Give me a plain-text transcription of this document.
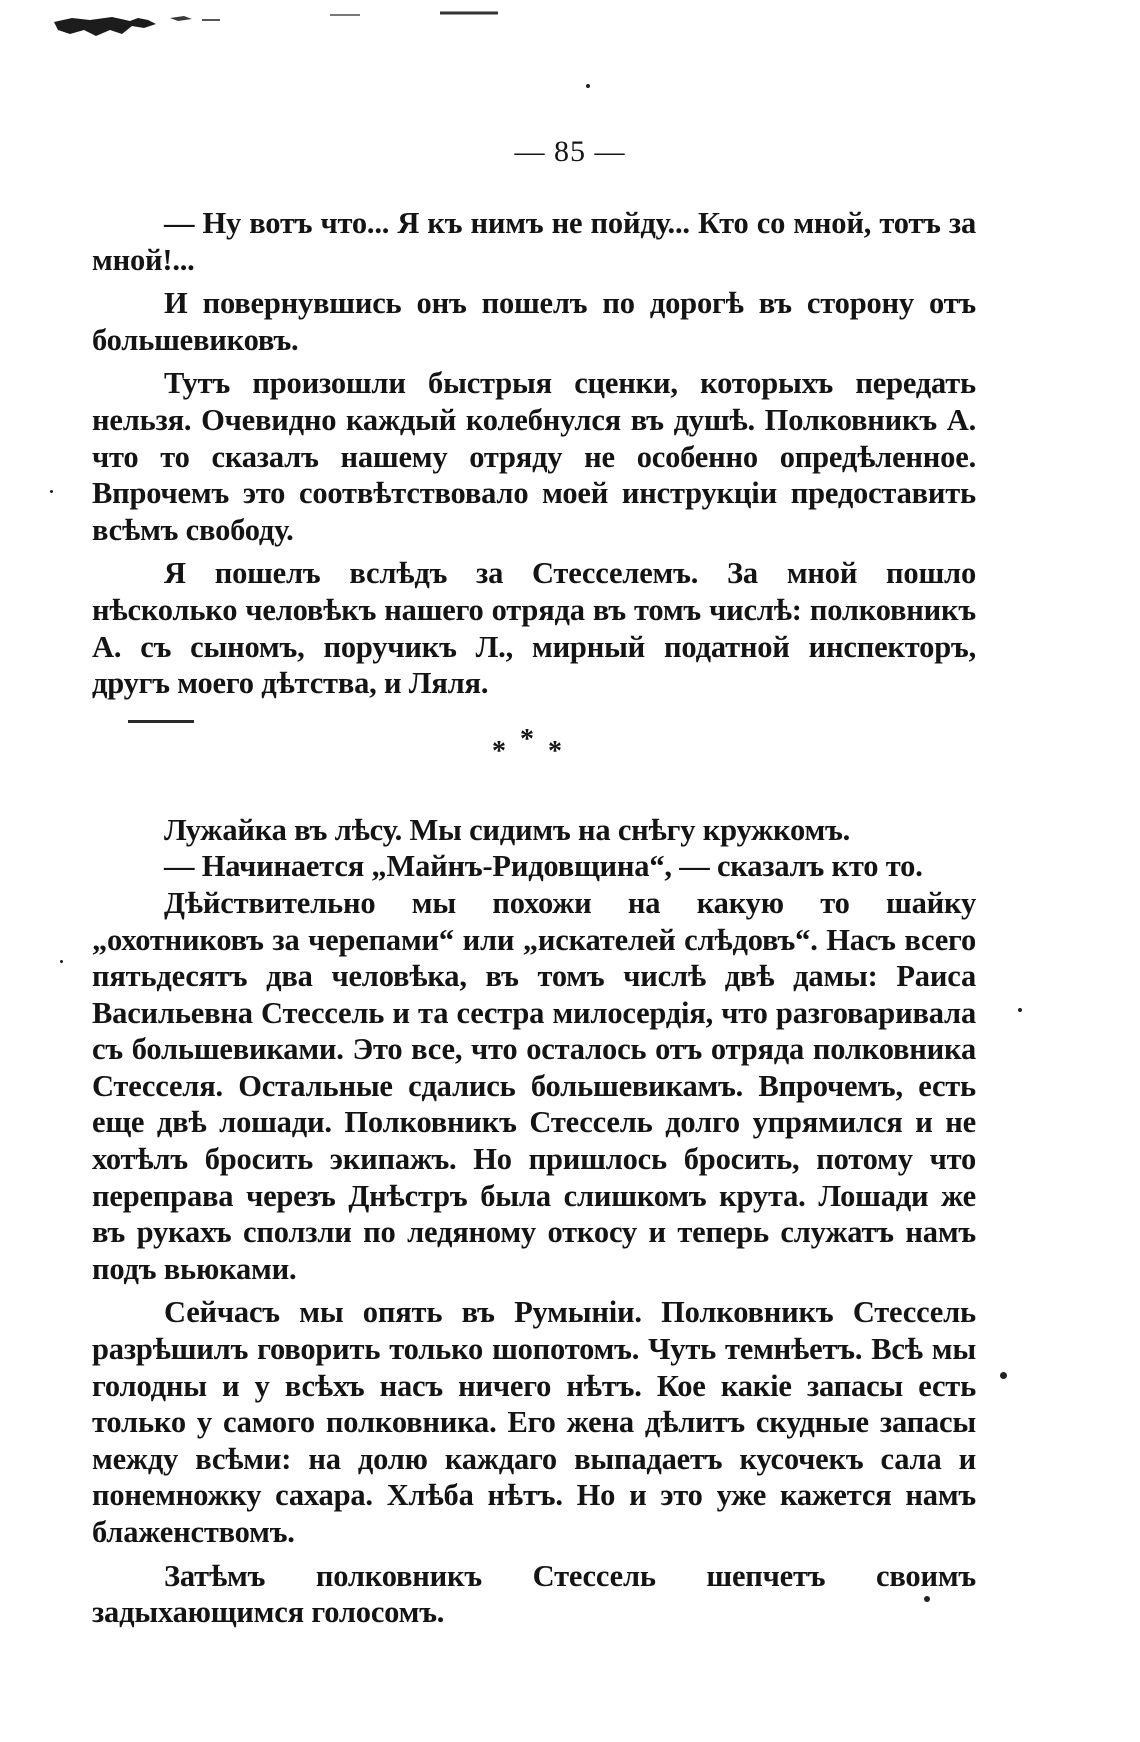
— 85 —

— Ну вотъ что... Я къ нимъ не пойду... Кто со мной, тотъ за мной!...

И повернувшись онъ пошелъ по дорогѣ въ сторону отъ большевиковъ.

Тутъ произошли быстрыя сценки, которыхъ передать нельзя. Очевидно каждый колебнулся въ душѣ. Полковникъ А. что то сказалъ нашему отряду не особенно опредѣленное. Впрочемъ это соотвѣтствовало моей инструкціи предоставить всѣмъ свободу.

Я пошелъ вслѣдъ за Стесселемъ. За мной пошло нѣсколько человѣкъ нашего отряда въ томъ числѣ: полковникъ А. съ сыномъ, поручикъ Л., мирный податной инспекторъ, другъ моего дѣтства, и Ляля.

***

Лужайка въ лѣсу. Мы сидимъ на снѣгу кружкомъ.

— Начинается „Майнъ-Ридовщина“, — сказалъ кто то.

Дѣйствительно мы похожи на какую то шайку „охотниковъ за черепами“ или „искателей слѣдовъ“. Насъ всего пятьдесятъ два человѣка, въ томъ числѣ двѣ дамы: Раиса Васильевна Стессель и та сестра милосердія, что разговаривала съ большевиками. Это все, что осталось отъ отряда полковника Стесселя. Остальные сдались большевикамъ. Впрочемъ, есть еще двѣ лошади. Полковникъ Стессель долго упрямился и не хотѣлъ бросить экипажъ. Но пришлось бросить, потому что переправа черезъ Днѣстръ была слишкомъ крута. Лошади же въ рукахъ сползли по ледяному откосу и теперь служатъ намъ подъ вьюками.

Сейчасъ мы опять въ Румыніи. Полковникъ Стессель разрѣшилъ говорить только шопотомъ. Чуть темнѣетъ. Всѣ мы голодны и у всѣхъ насъ ничего нѣтъ. Кое какіе запасы есть только у самого полковника. Его жена дѣлитъ скудные запасы между всѣми: на долю каждаго выпадаетъ кусочекъ сала и понемножку сахара. Хлѣба нѣтъ. Но и это уже кажется намъ блаженствомъ.

Затѣмъ полковникъ Стессель шепчетъ своимъ задыхающимся голосомъ.
